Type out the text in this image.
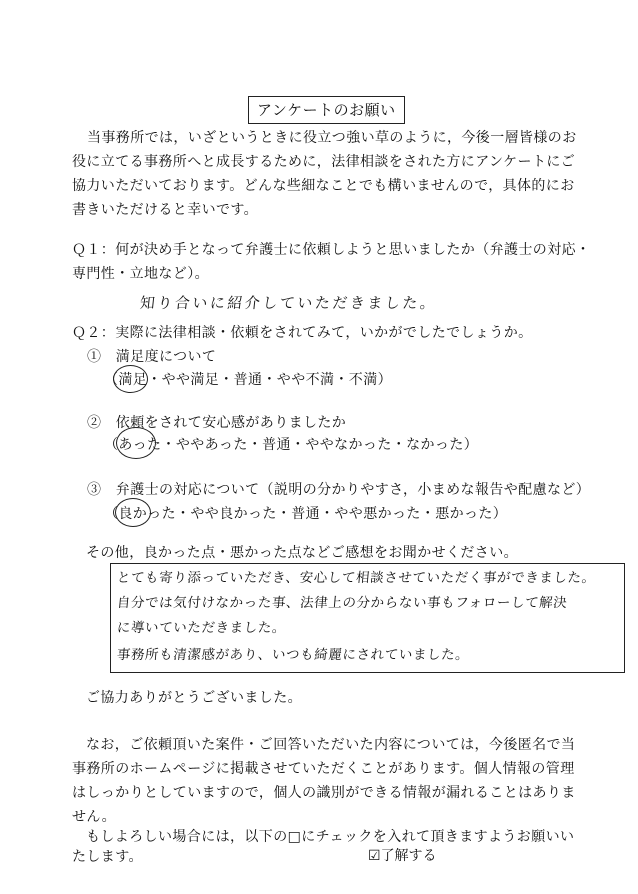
アンケートのお願い
当事務所では，いざというときに役立つ強い草のように，今後一層皆様のお
役に立てる事務所へと成長するために，法律相談をされた方にアンケートにご
協力いただいております。どんな些細なことでも構いませんので，具体的にお
書きいただけると幸いです。
Ｑ１：何が決め手となって弁護士に依頼しようと思いましたか（弁護士の対応・
専門性・立地など）。
知り合いに紹介していただきました。
Ｑ２：実際に法律相談・依頼をされてみて，いかがでしたでしょうか。
①　満足度について
（満足・やや満足・普通・やや不満・不満）
②　依頼をされて安心感がありましたか
（あった・ややあった・普通・ややなかった・なかった）
③　弁護士の対応について（説明の分かりやすさ，小まめな報告や配慮など）
（良かった・やや良かった・普通・やや悪かった・悪かった）
その他，良かった点・悪かった点などご感想をお聞かせください。
とても寄り添っていただき、安心して相談させていただく事ができました。
自分では気付けなかった事、法律上の分からない事もフォローして解決
に導いていただきました。
事務所も清潔感があり、いつも綺麗にされていました。
ご協力ありがとうございました。
なお，ご依頼頂いた案件・ご回答いただいた内容については，今後匿名で当
事務所のホームページに掲載させていただくことがあります。個人情報の管理
はしっかりとしていますので，個人の識別ができる情報が漏れることはありま
せん。
もしよろしい場合には，以下の□にチェックを入れて頂きますようお願いい
たします。	☑了解する
